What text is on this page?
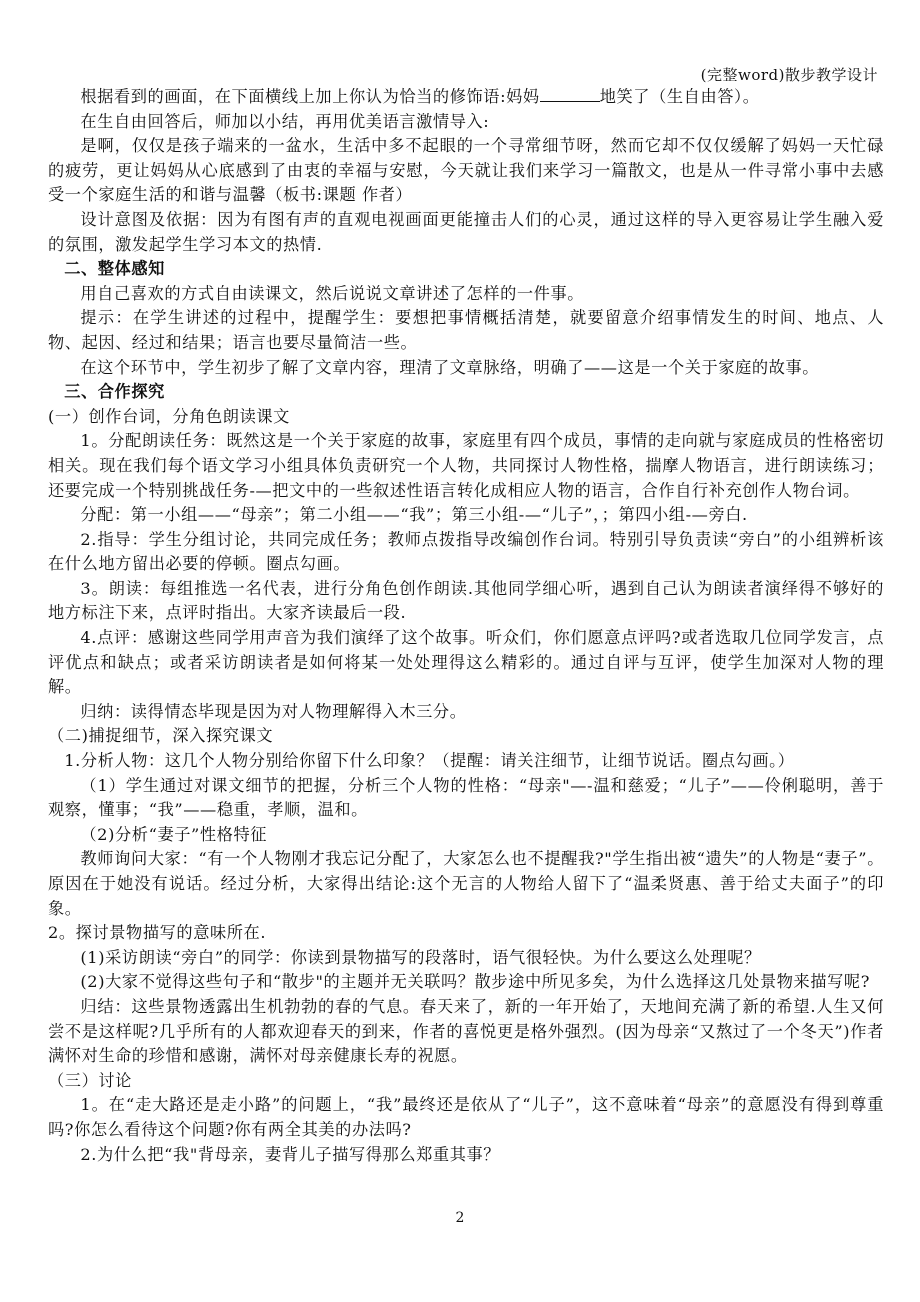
(完整word)散步教学设计

根据看到的画面，在下面横线上加上你认为恰当的修饰语:妈妈	地笑了（生自由答）。

在生自由回答后，师加以小结，再用优美语言激情导入:

是啊，仅仅是孩子端来的一盆水，生活中多不起眼的一个寻常细节呀，然而它却不仅仅缓解了妈妈一天忙碌的疲劳，更让妈妈从心底感到了由衷的幸福与安慰，今天就让我们来学习一篇散文，也是从一件寻常小事中去感受一个家庭生活的和谐与温馨（板书:课题 作者）

设计意图及依据：因为有图有声的直观电视画面更能撞击人们的心灵，通过这样的导入更容易让学生融入爱的氛围，激发起学生学习本文的热情.

二、整体感知

用自己喜欢的方式自由读课文，然后说说文章讲述了怎样的一件事。

提示：在学生讲述的过程中，提醒学生：要想把事情概括清楚，就要留意介绍事情发生的时间、地点、人物、起因、经过和结果；语言也要尽量简洁一些。

在这个环节中，学生初步了解了文章内容，理清了文章脉络，明确了——这是一个关于家庭的故事。

三、合作探究

(一）创作台词，分角色朗读课文

1。分配朗读任务：既然这是一个关于家庭的故事，家庭里有四个成员，事情的走向就与家庭成员的性格密切相关。现在我们每个语文学习小组具体负责研究一个人物，共同探讨人物性格，揣摩人物语言，进行朗读练习；还要完成一个特别挑战任务-—把文中的一些叙述性语言转化成相应人物的语言，合作自行补充创作人物台词。

分配：第一小组——“母亲”；第二小组——“我”；第三小组-—“儿子”，；第四小组-—旁白.

2.指导：学生分组讨论，共同完成任务；教师点拨指导改编创作台词。特别引导负责读“旁白”的小组辨析该在什么地方留出必要的停顿。圈点勾画。

3。朗读：每组推选一名代表，进行分角色创作朗读.其他同学细心听，遇到自己认为朗读者演绎得不够好的地方标注下来，点评时指出。大家齐读最后一段.

4.点评：感谢这些同学用声音为我们演绎了这个故事。听众们，你们愿意点评吗?或者选取几位同学发言，点评优点和缺点；或者采访朗读者是如何将某一处处理得这么精彩的。通过自评与互评，使学生加深对人物的理解。

归纳：读得情态毕现是因为对人物理解得入木三分。

（二)捕捉细节，深入探究课文

1.分析人物：这几个人物分别给你留下什么印象？（提醒：请关注细节，让细节说话。圈点勾画。）

（1）学生通过对课文细节的把握，分析三个人物的性格：“母亲"—-温和慈爱；“儿子”——伶俐聪明，善于观察，懂事；“我”——稳重，孝顺，温和。

（2)分析“妻子”性格特征

教师询问大家：“有一个人物刚才我忘记分配了，大家怎么也不提醒我?"学生指出被“遗失”的人物是“妻子”。原因在于她没有说话。经过分析，大家得出结论:这个无言的人物给人留下了“温柔贤惠、善于给丈夫面子”的印象。

2。探讨景物描写的意味所在.

(1)采访朗读“旁白”的同学：你读到景物描写的段落时，语气很轻快。为什么要这么处理呢？

(2)大家不觉得这些句子和“散步"的主题并无关联吗？散步途中所见多矣，为什么选择这几处景物来描写呢?

归结：这些景物透露出生机勃勃的春的气息。春天来了，新的一年开始了，天地间充满了新的希望.人生又何尝不是这样呢?几乎所有的人都欢迎春天的到来，作者的喜悦更是格外强烈。(因为母亲“又熬过了一个冬天”)作者满怀对生命的珍惜和感谢，满怀对母亲健康长寿的祝愿。

（三）讨论

1。在“走大路还是走小路”的问题上，“我”最终还是依从了“儿子”，这不意味着“母亲”的意愿没有得到尊重吗?你怎么看待这个问题?你有两全其美的办法吗?

2.为什么把“我"背母亲，妻背儿子描写得那么郑重其事？

2
